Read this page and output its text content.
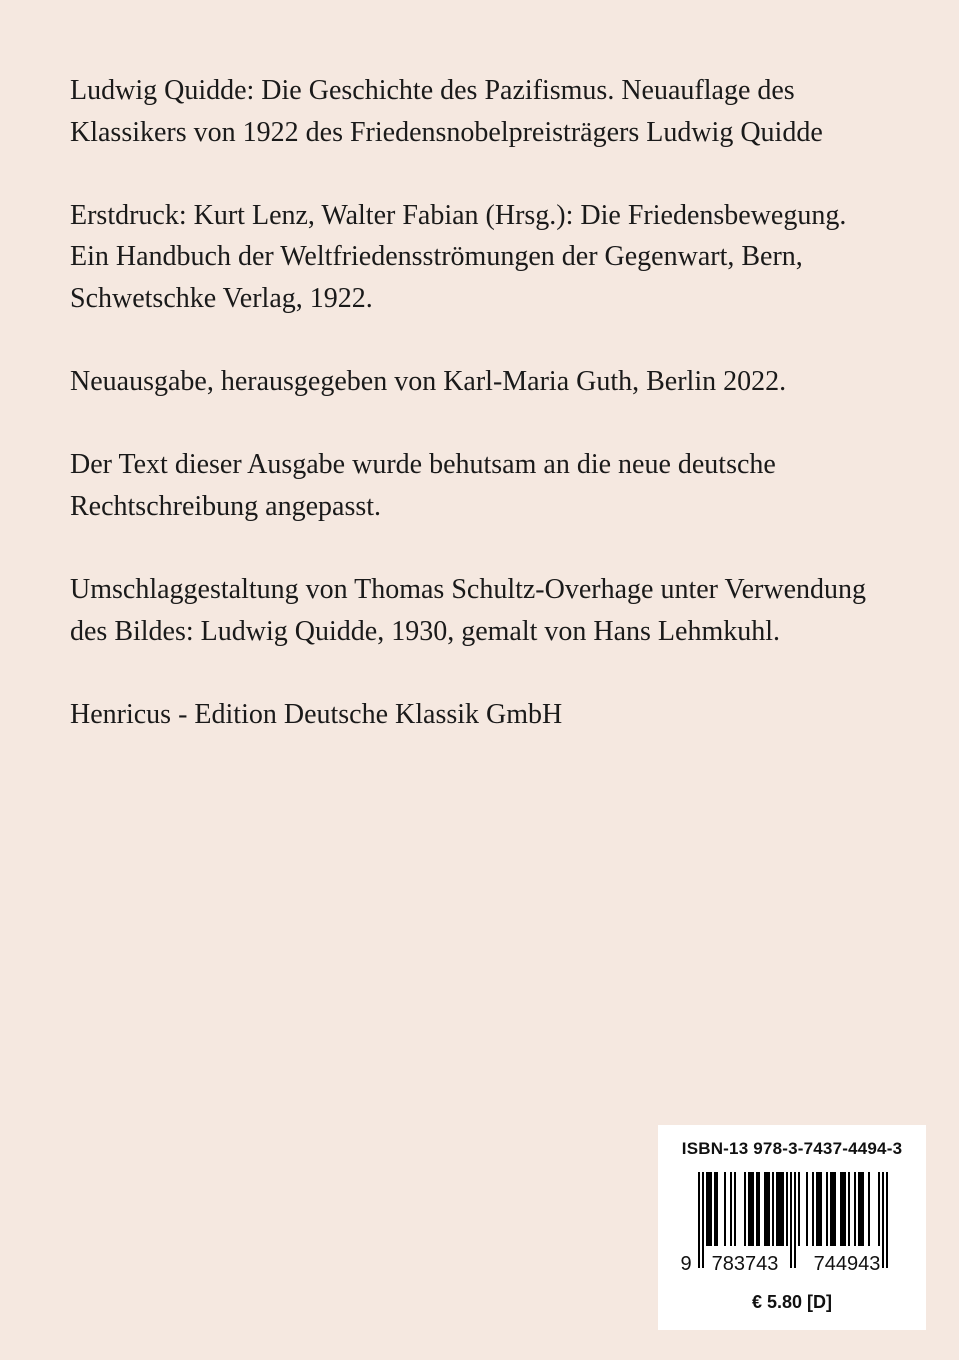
Ludwig Quidde: Die Geschichte des Pazifismus. Neuauflage des Klassikers von 1922 des Friedensnobelpreisträgers Ludwig Quidde

Erstdruck: Kurt Lenz, Walter Fabian (Hrsg.): Die Friedensbewegung. Ein Handbuch der Weltfriedensströmungen der Gegenwart, Bern, Schwetschke Verlag, 1922.

Neuausgabe, herausgegeben von Karl-Maria Guth, Berlin 2022.

Der Text dieser Ausgabe wurde behutsam an die neue deutsche Rechtschreibung angepasst.

Umschlaggestaltung von Thomas Schultz-Overhage unter Verwendung des Bildes: Ludwig Quidde, 1930, gemalt von Hans Lehmkuhl.

Henricus - Edition Deutsche Klassik GmbH

ISBN-13 978-3-7437-4494-3
9 783743 744943
€ 5.80 [D]
